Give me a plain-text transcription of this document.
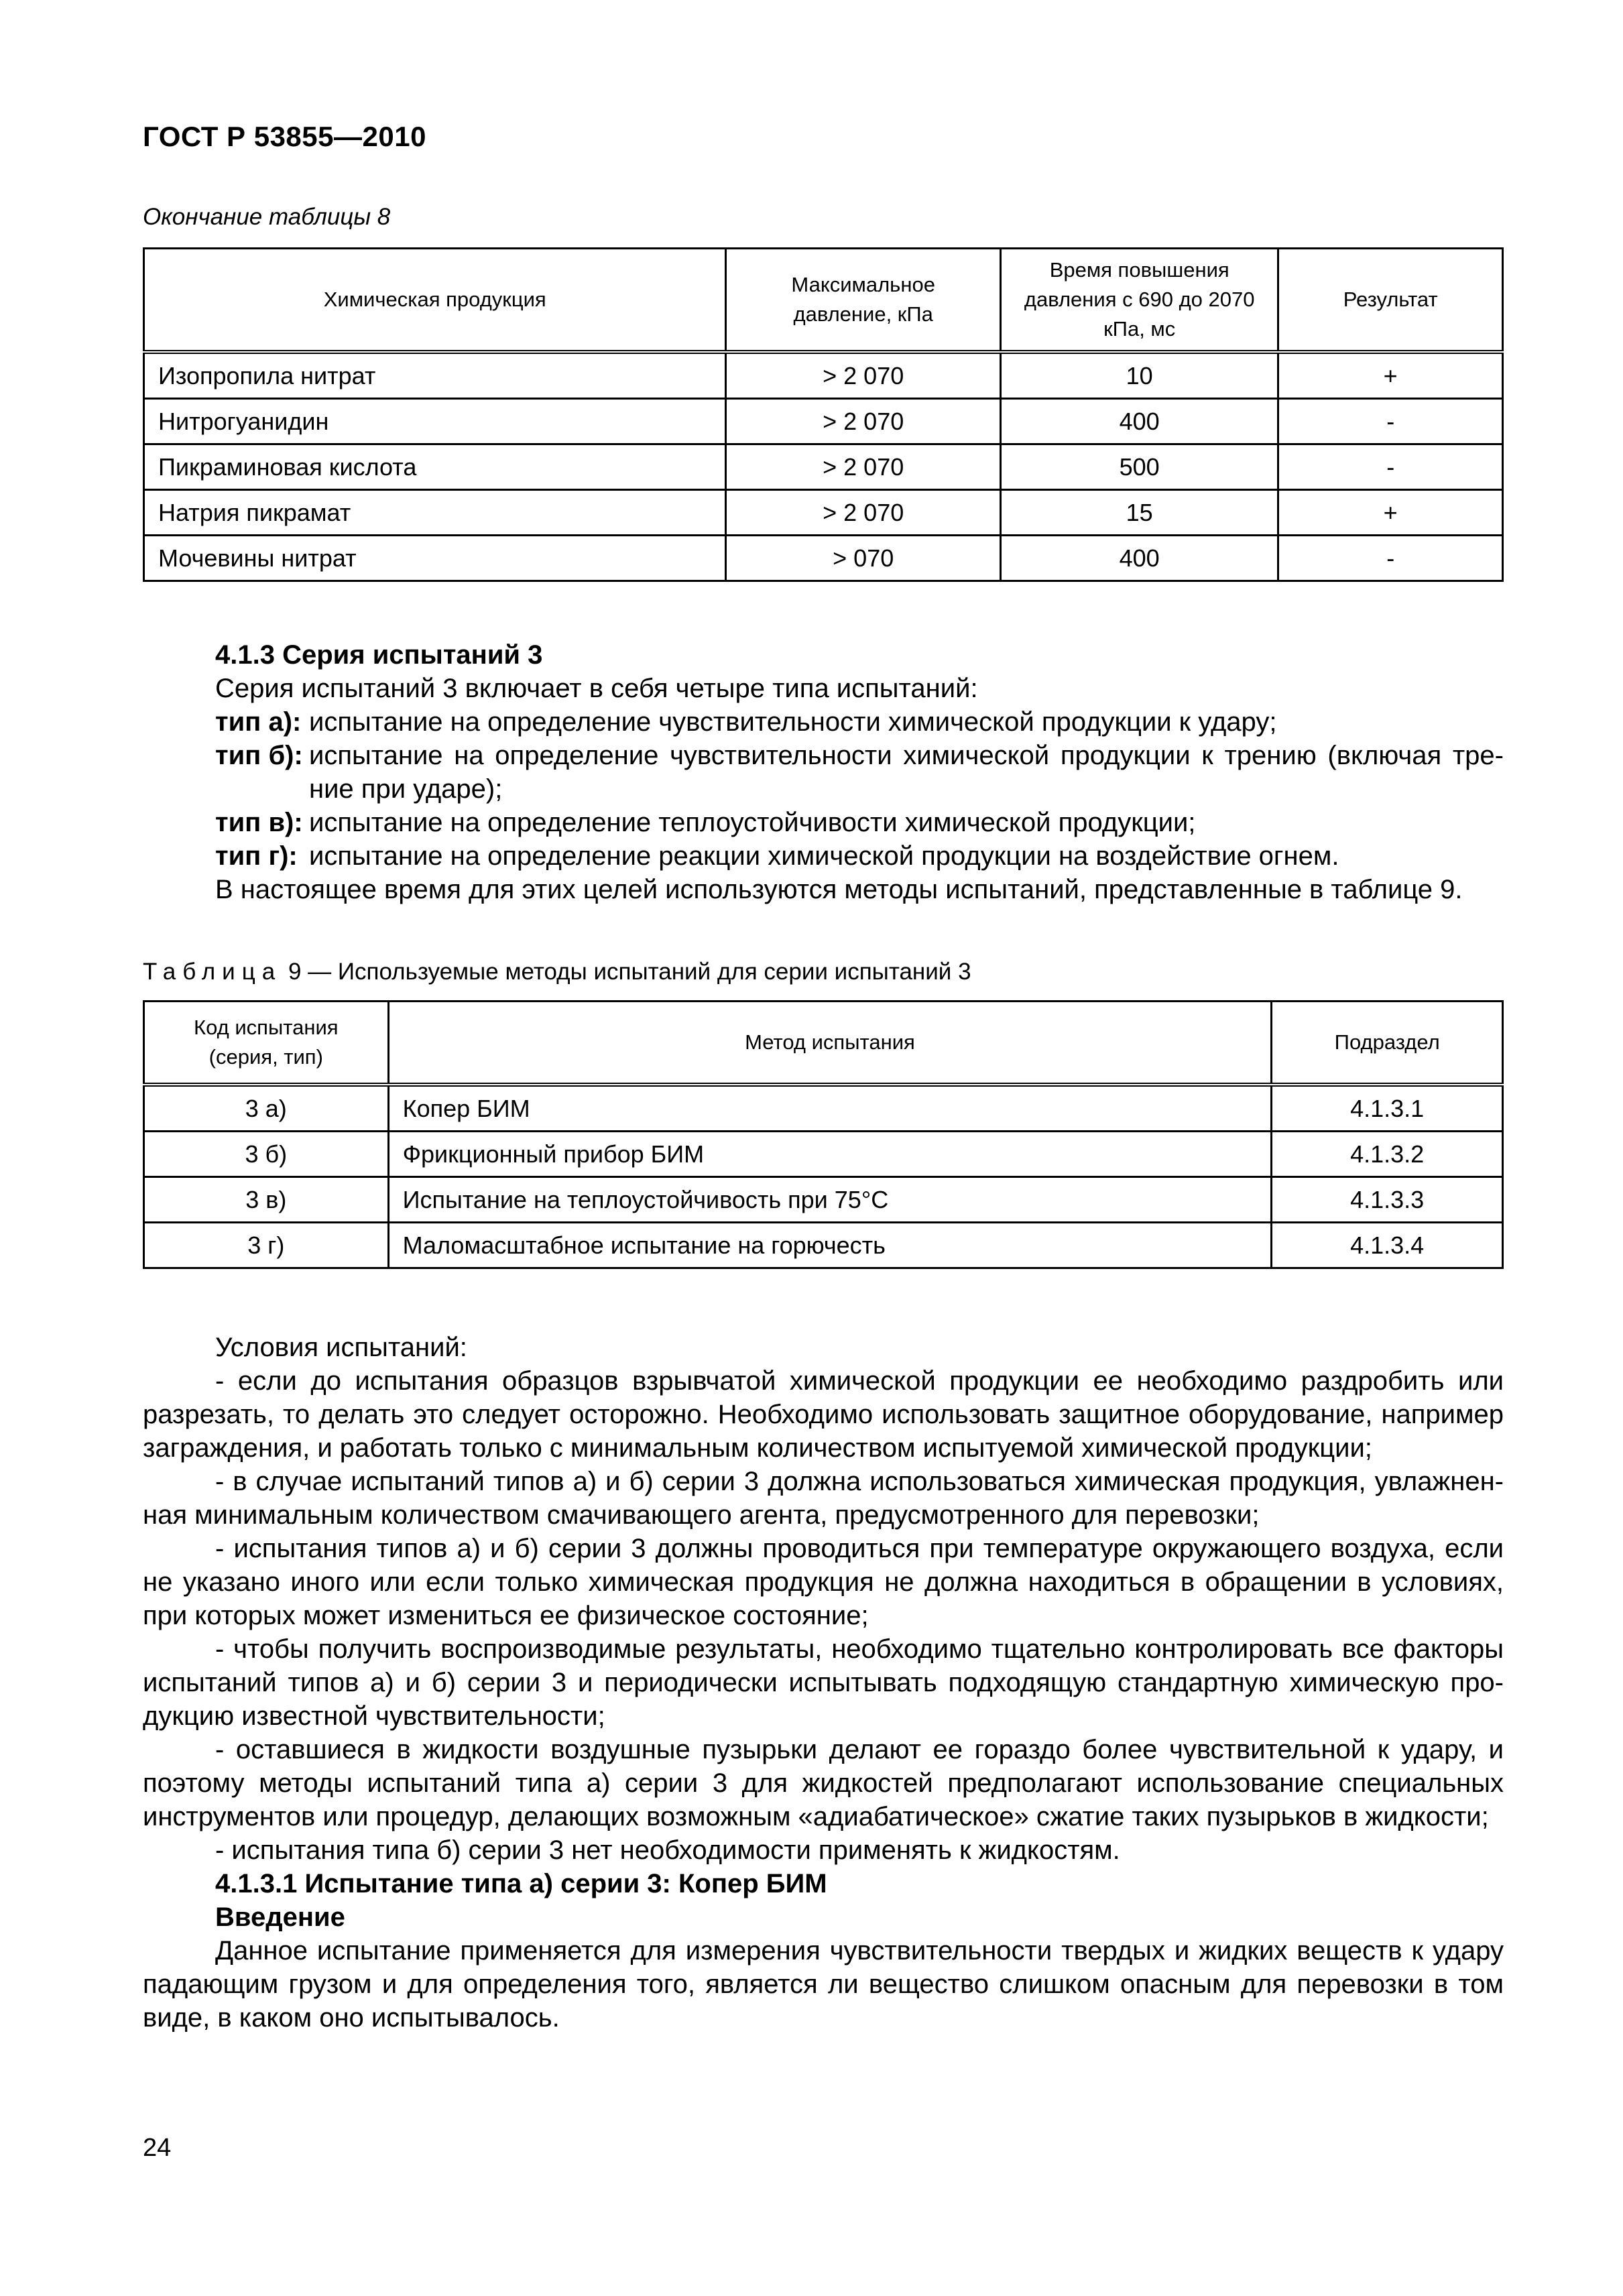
ГОСТ Р 53855—2010
Окончание таблицы 8
Химическая продукция	Максимальное давление, кПа	Время повышения давления с 690 до 2070 кПа, мс	Результат
Изопропила нитрат	> 2 070	10	+
Нитрогуанидин	> 2 070	400	-
Пикраминовая кислота	> 2 070	500	-
Натрия пикрамат	> 2 070	15	+
Мочевины нитрат	> 070	400	-
4.1.3 Серия испытаний 3
Серия испытаний 3 включает в себя четыре типа испытаний:
тип а): испытание на определение чувствительности химической продукции к удару;
тип б): испытание на определение чувствительности химической продукции к трению (включая тре-ние при ударе);
тип в): испытание на определение теплоустойчивости химической продукции;
тип г): испытание на определение реакции химической продукции на воздействие огнем.
В настоящее время для этих целей используются методы испытаний, представленные в таблице 9.
Таблица 9 — Используемые методы испытаний для серии испытаний 3
Код испытания (серия, тип)	Метод испытания	Подраздел
3 а)	Копер БИМ	4.1.3.1
3 б)	Фрикционный прибор БИМ	4.1.3.2
3 в)	Испытание на теплоустойчивость при 75°С	4.1.3.3
3 г)	Маломасштабное испытание на горючесть	4.1.3.4

Условия испытаний:

- если до испытания образцов взрывчатой химической продукции ее необходимо раздробить или разрезать, то делать это следует осторожно. Необходимо использовать защитное оборудование, например заграждения, и работать только с минимальным количеством испытуемой химической продукции;

- в случае испытаний типов а) и б) серии 3 должна использоваться химическая продукция, увлажнен-ная минимальным количеством смачивающего агента, предусмотренного для перевозки;

- испытания типов а) и б) серии 3 должны проводиться при температуре окружающего воздуха, если не указано иного или если только химическая продукция не должна находиться в обращении в условиях, при которых может измениться ее физическое состояние;

- чтобы получить воспроизводимые результаты, необходимо тщательно контролировать все факторы испытаний типов а) и б) серии 3 и периодически испытывать подходящую стандартную химическую про-дукцию известной чувствительности;

- оставшиеся в жидкости воздушные пузырьки делают ее гораздо более чувствительной к удару, и поэтому методы испытаний типа а) серии 3 для жидкостей предполагают использование специальных инструментов или процедур, делающих возможным «адиабатическое» сжатие таких пузырьков в жидкости;

- испытания типа б) серии 3 нет необходимости применять к жидкостям.

4.1.3.1 Испытание типа а) серии 3: Копер БИМ

Введение

Данное испытание применяется для измерения чувствительности твердых и жидких веществ к удару падающим грузом и для определения того, является ли вещество слишком опасным для перевозки в том виде, в каком оно испытывалось.

24
